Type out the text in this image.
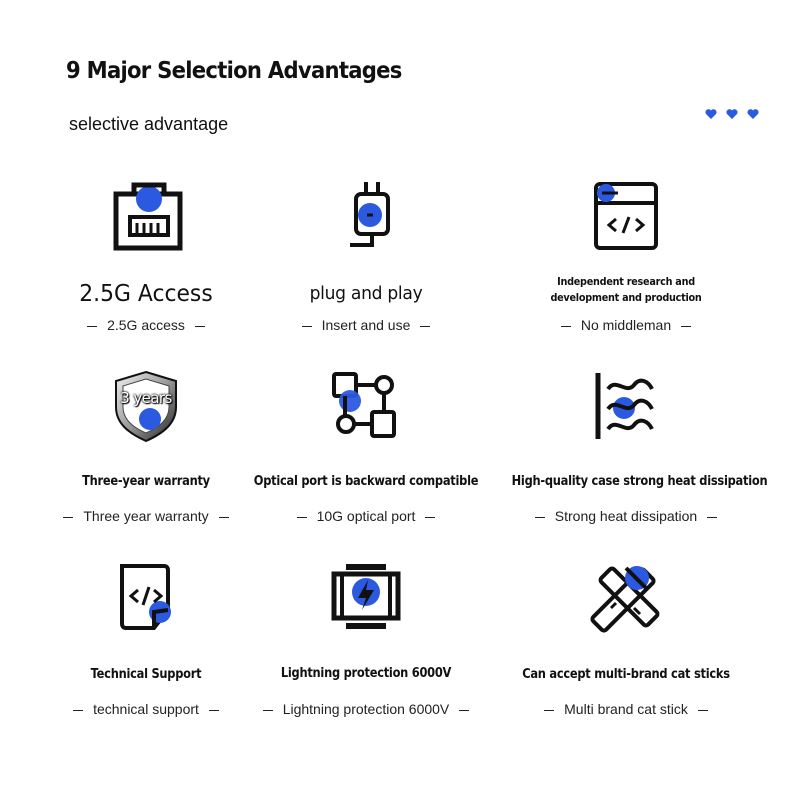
9 Major Selection Advantages
selective advantage
2.5G Access
2.5G access
plug and play
Insert and use
Independent research and development and production
No middleman
3 years
Three-year warranty
Three year warranty
Optical port is backward compatible
10G optical port
High-quality case strong heat dissipation
Strong heat dissipation
Technical Support
technical support
Lightning protection 6000V
Lightning protection 6000V
Can accept multi-brand cat sticks
Multi brand cat stick
